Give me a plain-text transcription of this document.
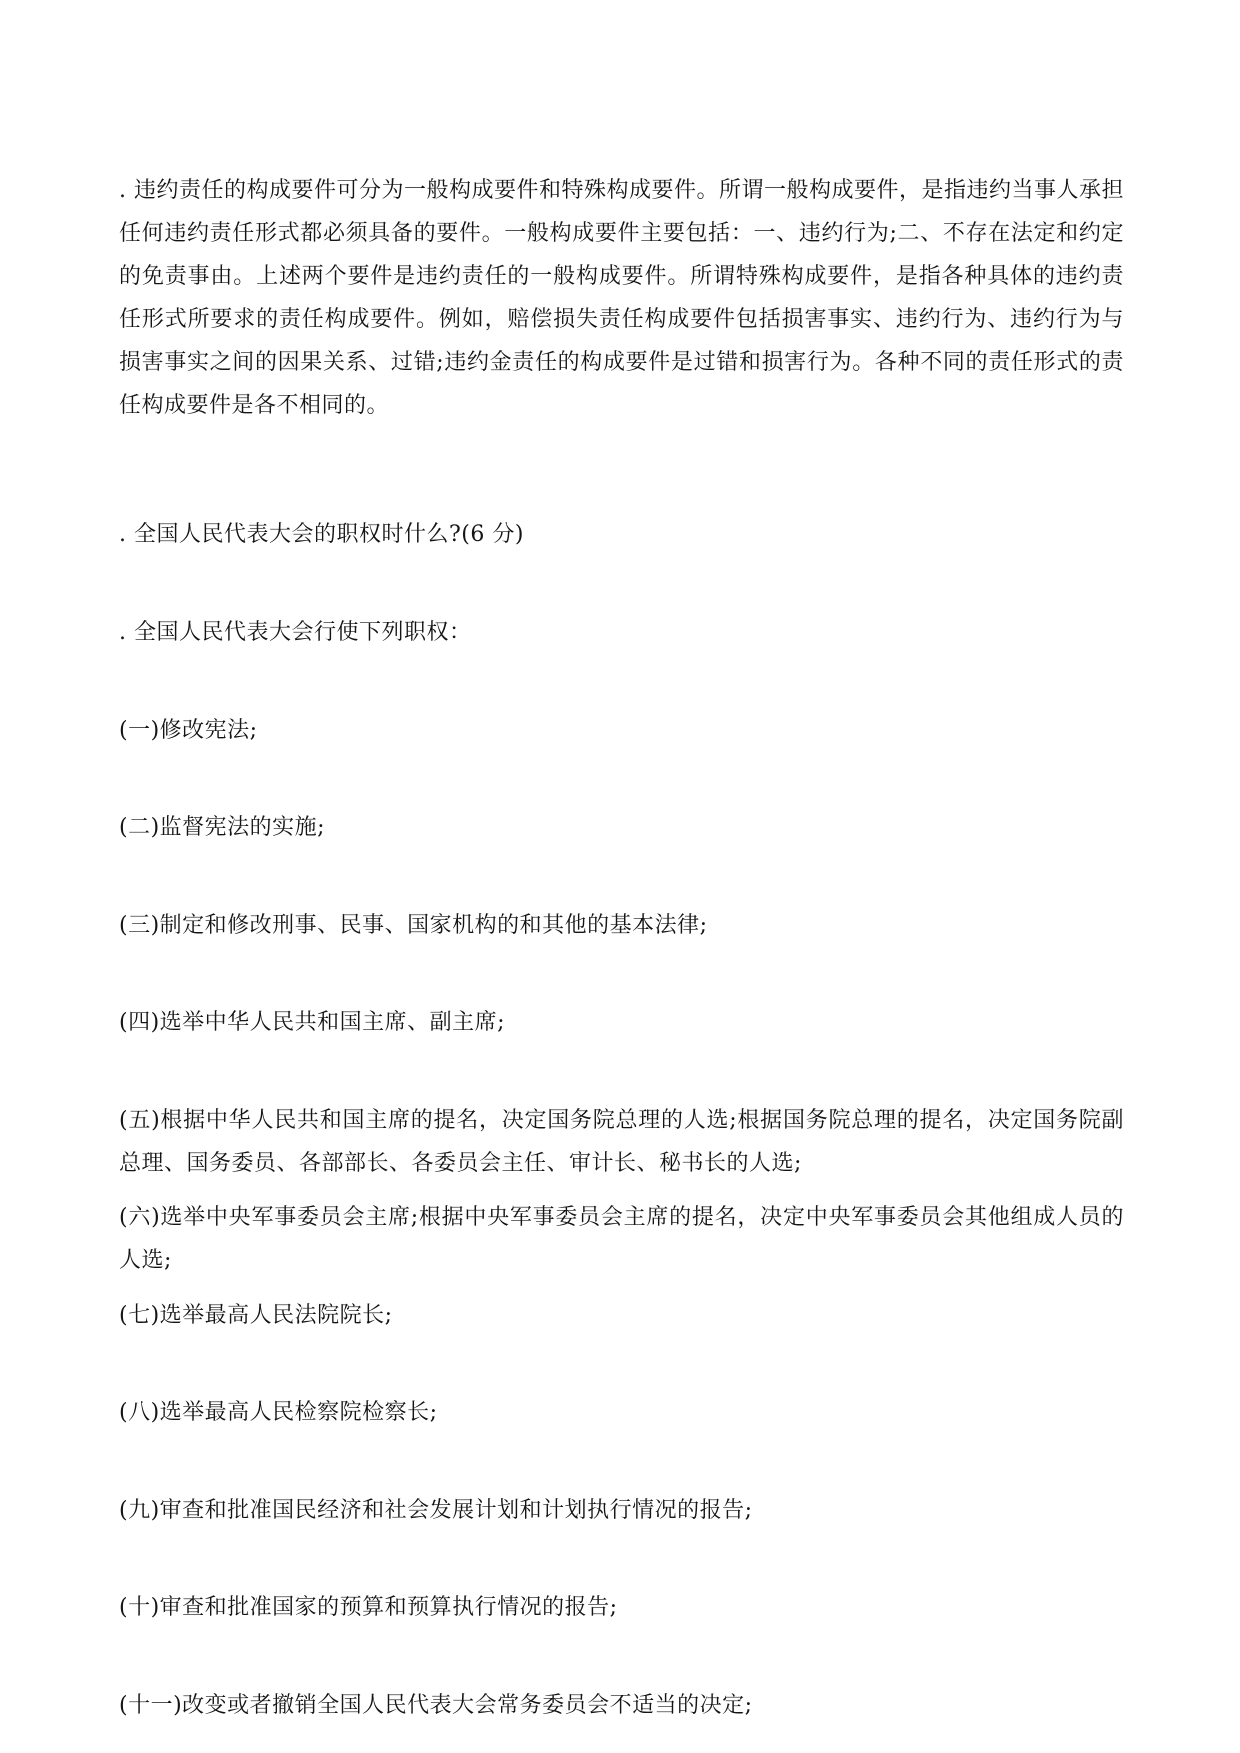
. 违约责任的构成要件可分为一般构成要件和特殊构成要件。所谓一般构成要件，是指违约当事人承担任何违约责任形式都必须具备的要件。一般构成要件主要包括：一、违约行为;二、不存在法定和约定的免责事由。上述两个要件是违约责任的一般构成要件。所谓特殊构成要件，是指各种具体的违约责任形式所要求的责任构成要件。例如，赔偿损失责任构成要件包括损害事实、违约行为、违约行为与损害事实之间的因果关系、过错;违约金责任的构成要件是过错和损害行为。各种不同的责任形式的责任构成要件是各不相同的。

. 全国人民代表大会的职权时什么?(6 分)

. 全国人民代表大会行使下列职权：

(一)修改宪法;

(二)监督宪法的实施;

(三)制定和修改刑事、民事、国家机构的和其他的基本法律;

(四)选举中华人民共和国主席、副主席;

(五)根据中华人民共和国主席的提名，决定国务院总理的人选;根据国务院总理的提名，决定国务院副总理、国务委员、各部部长、各委员会主任、审计长、秘书长的人选;

(六)选举中央军事委员会主席;根据中央军事委员会主席的提名，决定中央军事委员会其他组成人员的人选;

(七)选举最高人民法院院长;

(八)选举最高人民检察院检察长;

(九)审查和批准国民经济和社会发展计划和计划执行情况的报告;

(十)审查和批准国家的预算和预算执行情况的报告;

(十一)改变或者撤销全国人民代表大会常务委员会不适当的决定;
